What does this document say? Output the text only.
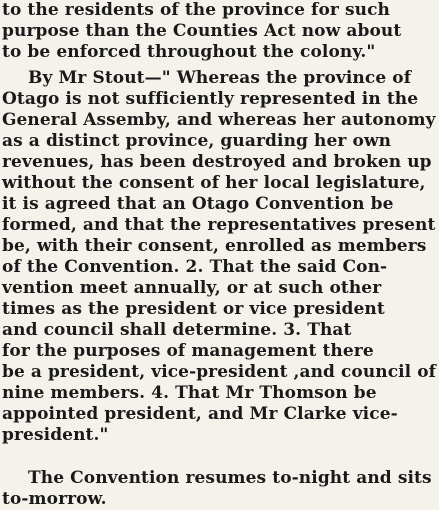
to the residents of the province for such
purpose than the Counties Act now about
to be enforced throughout the colony."
By Mr Stout—" Whereas the province of
Otago is not sufficiently represented in the
General Assemby, and whereas her autonomy
as a distinct province, guarding her own
revenues, has been destroyed and broken up
without the consent of her local legislature,
it is agreed that an Otago Convention be
formed, and that the representatives present
be, with their consent, enrolled as members
of the Convention. 2. That the said Con-
vention meet annually, or at such other
times as the president or vice president
and council shall determine. 3. That
for the purposes of management there
be a president, vice-president ,and council of
nine members. 4. That Mr Thomson be
appointed president, and Mr Clarke vice-
president."
The Convention resumes to-night and sits
to-morrow.
